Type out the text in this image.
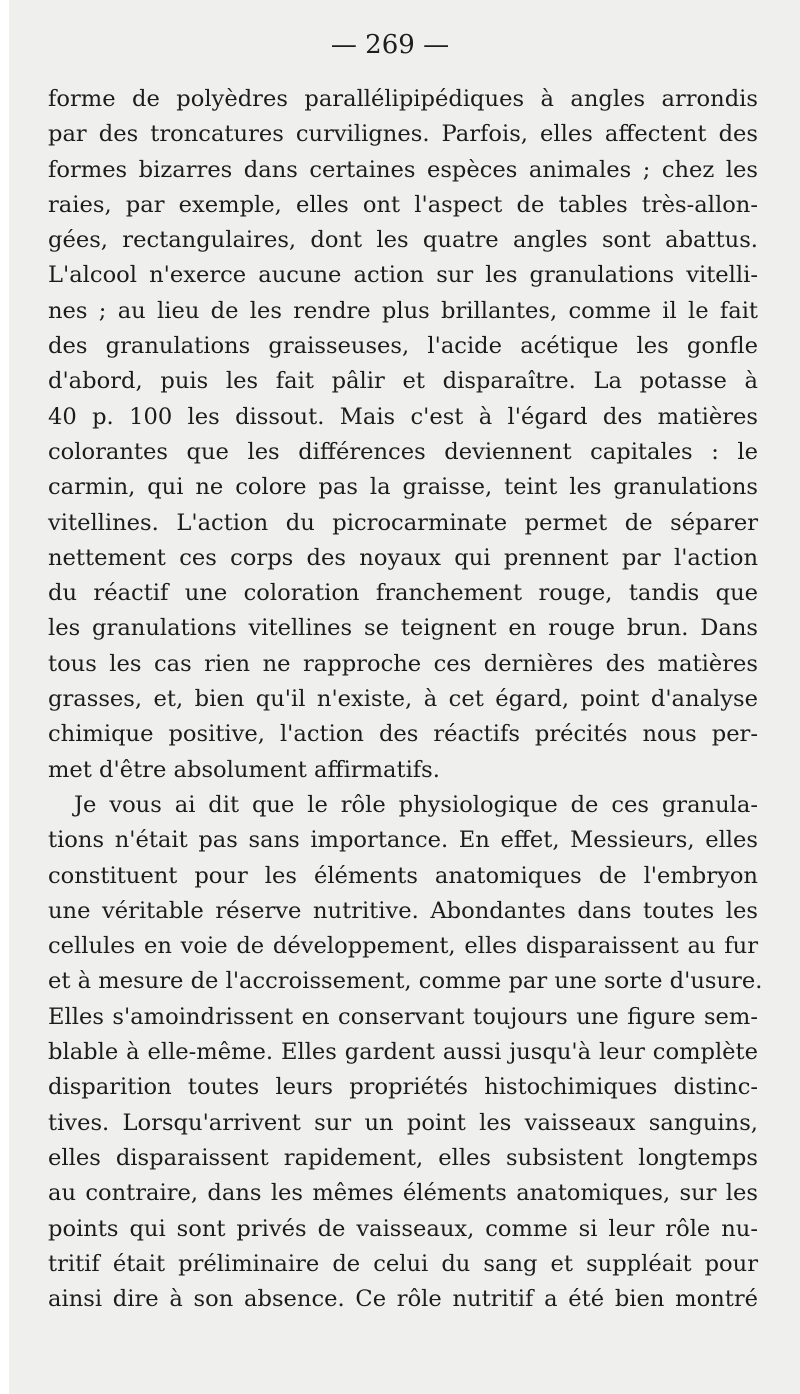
— 269 —
forme de polyèdres parallélipipédiques à angles arrondis
par des troncatures curvilignes. Parfois, elles affectent des
formes bizarres dans certaines espèces animales ; chez les
raies, par exemple, elles ont l'aspect de tables très-allon-
gées, rectangulaires, dont les quatre angles sont abattus.
L'alcool n'exerce aucune action sur les granulations vitelli-
nes ; au lieu de les rendre plus brillantes, comme il le fait
des granulations graisseuses, l'acide acétique les gonfle
d'abord, puis les fait pâlir et disparaître. La potasse à
40 p. 100 les dissout. Mais c'est à l'égard des matières
colorantes que les différences deviennent capitales : le
carmin, qui ne colore pas la graisse, teint les granulations
vitellines. L'action du picrocarminate permet de séparer
nettement ces corps des noyaux qui prennent par l'action
du réactif une coloration franchement rouge, tandis que
les granulations vitellines se teignent en rouge brun. Dans
tous les cas rien ne rapproche ces dernières des matières
grasses, et, bien qu'il n'existe, à cet égard, point d'analyse
chimique positive, l'action des réactifs précités nous per-
met d'être absolument affirmatifs.
Je vous ai dit que le rôle physiologique de ces granula-
tions n'était pas sans importance. En effet, Messieurs, elles
constituent pour les éléments anatomiques de l'embryon
une véritable réserve nutritive. Abondantes dans toutes les
cellules en voie de développement, elles disparaissent au fur
et à mesure de l'accroissement, comme par une sorte d'usure.
Elles s'amoindrissent en conservant toujours une figure sem-
blable à elle-même. Elles gardent aussi jusqu'à leur complète
disparition toutes leurs propriétés histochimiques distinc-
tives. Lorsqu'arrivent sur un point les vaisseaux sanguins,
elles disparaissent rapidement, elles subsistent longtemps
au contraire, dans les mêmes éléments anatomiques, sur les
points qui sont privés de vaisseaux, comme si leur rôle nu-
tritif était préliminaire de celui du sang et suppléait pour
ainsi dire à son absence. Ce rôle nutritif a été bien montré
